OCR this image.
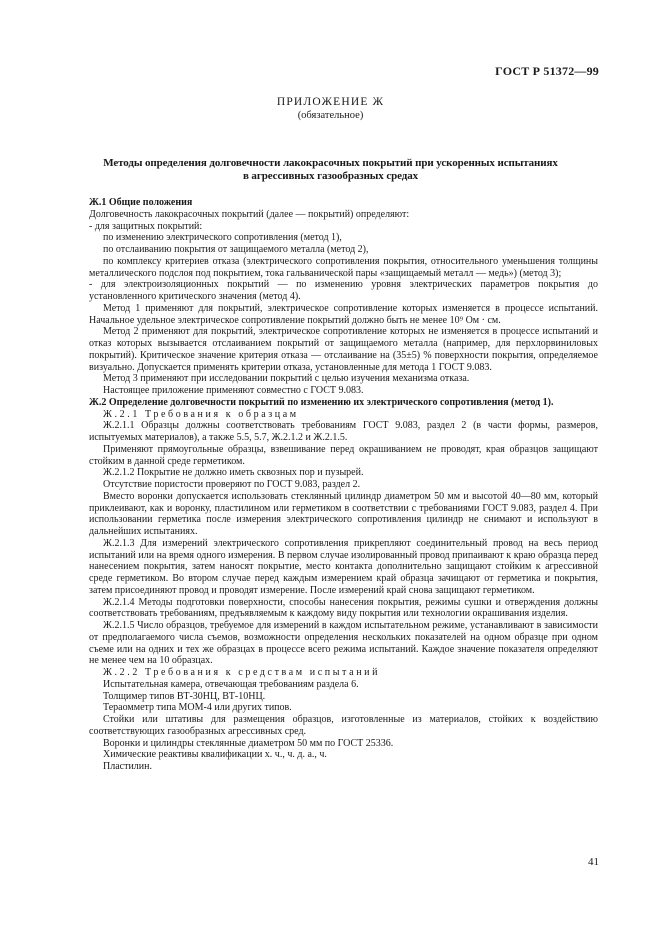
ГОСТ Р 51372—99
ПРИЛОЖЕНИЕ Ж
(обязательное)
Методы определения долговечности лакокрасочных покрытий при ускоренных испытаниях
в агрессивных газообразных средах

Ж.1 Общие положения

Долговечность лакокрасочных покрытий (далее — покрытий) определяют:

- для защитных покрытий:

по изменению электрического сопротивления (метод 1),

по отслаиванию покрытия от защищаемого металла (метод 2),

по комплексу критериев отказа (электрического сопротивления покрытия, относительного уменьшения толщины металлического подслоя под покрытием, тока гальванической пары «защищаемый металл — медь») (метод 3);

- для электроизоляционных покрытий — по изменению уровня электрических параметров покрытия до установленного критического значения (метод 4).

Метод 1 применяют для покрытий, электрическое сопротивление которых изменяется в процессе испытаний. Начальное удельное электрическое сопротивление покрытий должно быть не менее 10⁹ Ом · см.

Метод 2 применяют для покрытий, электрическое сопротивление которых не изменяется в процессе испытаний и отказ которых вызывается отслаиванием покрытий от защищаемого металла (например, для перхлорвиниловых покрытий). Критическое значение критерия отказа — отслаивание на (35±5) % поверхности покрытия, определяемое визуально. Допускается применять критерии отказа, установленные для метода 1 ГОСТ 9.083.

Метод 3 применяют при исследовании покрытий с целью изучения механизма отказа.

Настоящее приложение применяют совместно с ГОСТ 9.083.

Ж.2 Определение долговечности покрытий по изменению их электрического сопротивления (метод 1).

Ж.2.1 Требования к образцам

Ж.2.1.1 Образцы должны соответствовать требованиям ГОСТ 9.083, раздел 2 (в части формы, размеров, испытуемых материалов), а также 5.5, 5.7, Ж.2.1.2 и Ж.2.1.5.

Применяют прямоугольные образцы, взвешивание перед окрашиванием не проводят, края образцов защищают стойким в данной среде герметиком.

Ж.2.1.2 Покрытие не должно иметь сквозных пор и пузырей.

Отсутствие пористости проверяют по ГОСТ 9.083, раздел 2.

Вместо воронки допускается использовать стеклянный цилиндр диаметром 50 мм и высотой 40—80 мм, который приклеивают, как и воронку, пластилином или герметиком в соответствии с требованиями ГОСТ 9.083, раздел 4. При использовании герметика после измерения электрического сопротивления цилиндр не снимают и используют в дальнейших испытаниях.

Ж.2.1.3 Для измерений электрического сопротивления прикрепляют соединительный провод на весь период испытаний или на время одного измерения. В первом случае изолированный провод припаивают к краю образца перед нанесением покрытия, затем наносят покрытие, место контакта дополнительно защищают стойким к агрессивной среде герметиком. Во втором случае перед каждым измерением край образца зачищают от герметика и покрытия, затем присоединяют провод и проводят измерение. После измерений край снова защищают герметиком.

Ж.2.1.4 Методы подготовки поверхности, способы нанесения покрытия, режимы сушки и отверждения должны соответствовать требованиям, предъявляемым к каждому виду покрытия или технологии окрашивания изделия.

Ж.2.1.5 Число образцов, требуемое для измерений в каждом испытательном режиме, устанавливают в зависимости от предполагаемого числа съемов, возможности определения нескольких показателей на одном образце при одном съеме или на одних и тех же образцах в процессе всего режима испытаний. Каждое значение показателя определяют не менее чем на 10 образцах.

Ж.2.2 Требования к средствам испытаний

Испытательная камера, отвечающая требованиям раздела 6.

Толщимер типов ВТ-30НЦ, ВТ-10НЦ.

Тераомметр типа МОМ-4 или других типов.

Стойки или штативы для размещения образцов, изготовленные из материалов, стойких к воздействию соответствующих газообразных агрессивных сред.

Воронки и цилиндры стеклянные диаметром 50 мм по ГОСТ 25336.

Химические реактивы квалификации х. ч., ч. д. а., ч.

Пластилин.

41
